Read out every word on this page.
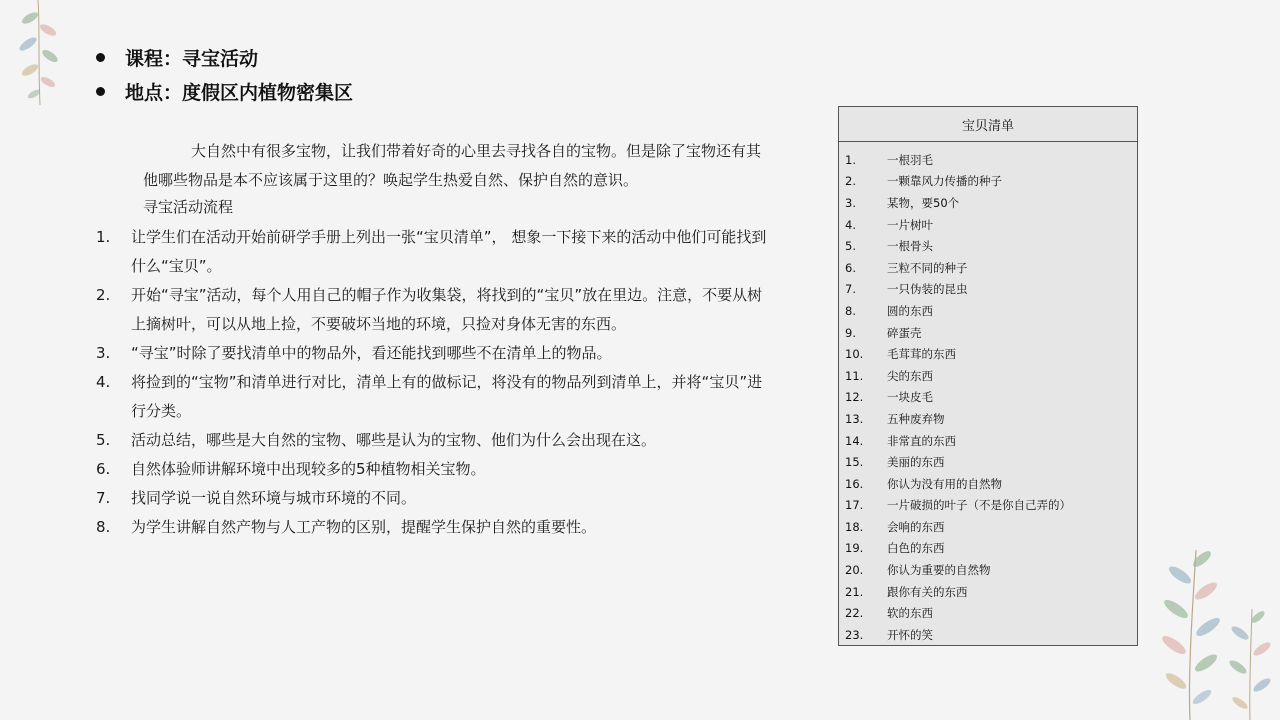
课程：寻宝活动
地点：度假区内植物密集区
大自然中有很多宝物，让我们带着好奇的心里去寻找各自的宝物。但是除了宝物还有其他哪些物品是本不应该属于这里的？唤起学生热爱自然、保护自然的意识。
寻宝活动流程
1.	让学生们在活动开始前研学手册上列出一张“宝贝清单”， 想象一下接下来的活动中他们可能找到什么“宝贝”。
2.	开始“寻宝”活动，每个人用自己的帽子作为收集袋，将找到的“宝贝”放在里边。注意，不要从树上摘树叶，可以从地上捡，不要破坏当地的环境，只捡对身体无害的东西。
3.	“寻宝”时除了要找清单中的物品外，看还能找到哪些不在清单上的物品。
4.	将捡到的“宝物”和清单进行对比，清单上有的做标记，将没有的物品列到清单上，并将“宝贝”进行分类。
5.	活动总结，哪些是大自然的宝物、哪些是认为的宝物、他们为什么会出现在这。
6.	自然体验师讲解环境中出现较多的5种植物相关宝物。
7.	找同学说一说自然环境与城市环境的不同。
8.	为学生讲解自然产物与人工产物的区别，提醒学生保护自然的重要性。
宝贝清单
1.	一根羽毛
2.	一颗靠风力传播的种子
3.	某物，要50个
4.	一片树叶
5.	一根骨头
6.	三粒不同的种子
7.	一只伪装的昆虫
8.	圆的东西
9.	碎蛋壳
10.	毛茸茸的东西
11.	尖的东西
12.	一块皮毛
13.	五种废弃物
14.	非常直的东西
15.	美丽的东西
16.	你认为没有用的自然物
17.	一片破损的叶子（不是你自己弄的）
18.	会响的东西
19.	白色的东西
20.	你认为重要的自然物
21.	跟你有关的东西
22.	软的东西
23.	开怀的笑
